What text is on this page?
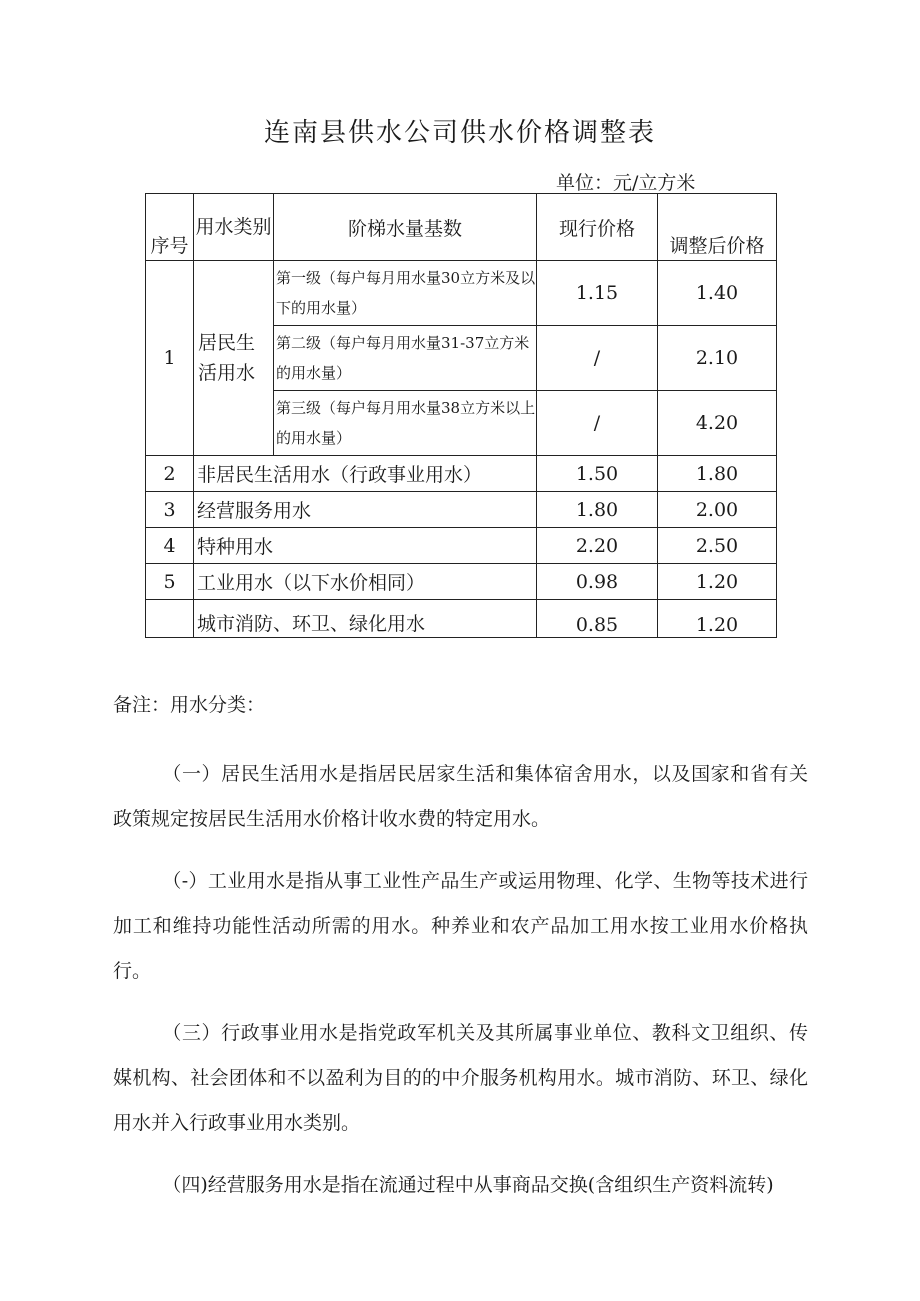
连南县供水公司供水价格调整表
单位：元/立方米
序号	用水类别	阶梯水量基数	现行价格	调整后价格
1	居民生活用水	第一级（每户每月用水量30立方米及以下的用水量）	1.15	1.40
		第二级（每户每月用水量31-37立方米的用水量）	/	2.10
		第三级（每户每月用水量38立方米以上的用水量）	/	4.20
2	非居民生活用水（行政事业用水）		1.50	1.80
3	经营服务用水		1.80	2.00
4	特种用水		2.20	2.50
5	工业用水（以下水价相同）		0.98	1.20
	城市消防、环卫、绿化用水		0.85	1.20

备注：用水分类：

（一）居民生活用水是指居民居家生活和集体宿舍用水，以及国家和省有关政策规定按居民生活用水价格计收水费的特定用水。

（-）工业用水是指从事工业性产品生产或运用物理、化学、生物等技术进行加工和维持功能性活动所需的用水。种养业和农产品加工用水按工业用水价格执行。

（三）行政事业用水是指党政军机关及其所属事业单位、教科文卫组织、传媒机构、社会团体和不以盈利为目的的中介服务机构用水。城市消防、环卫、绿化用水并入行政事业用水类别。

（四)经营服务用水是指在流通过程中从事商品交换(含组织生产资料流转)
